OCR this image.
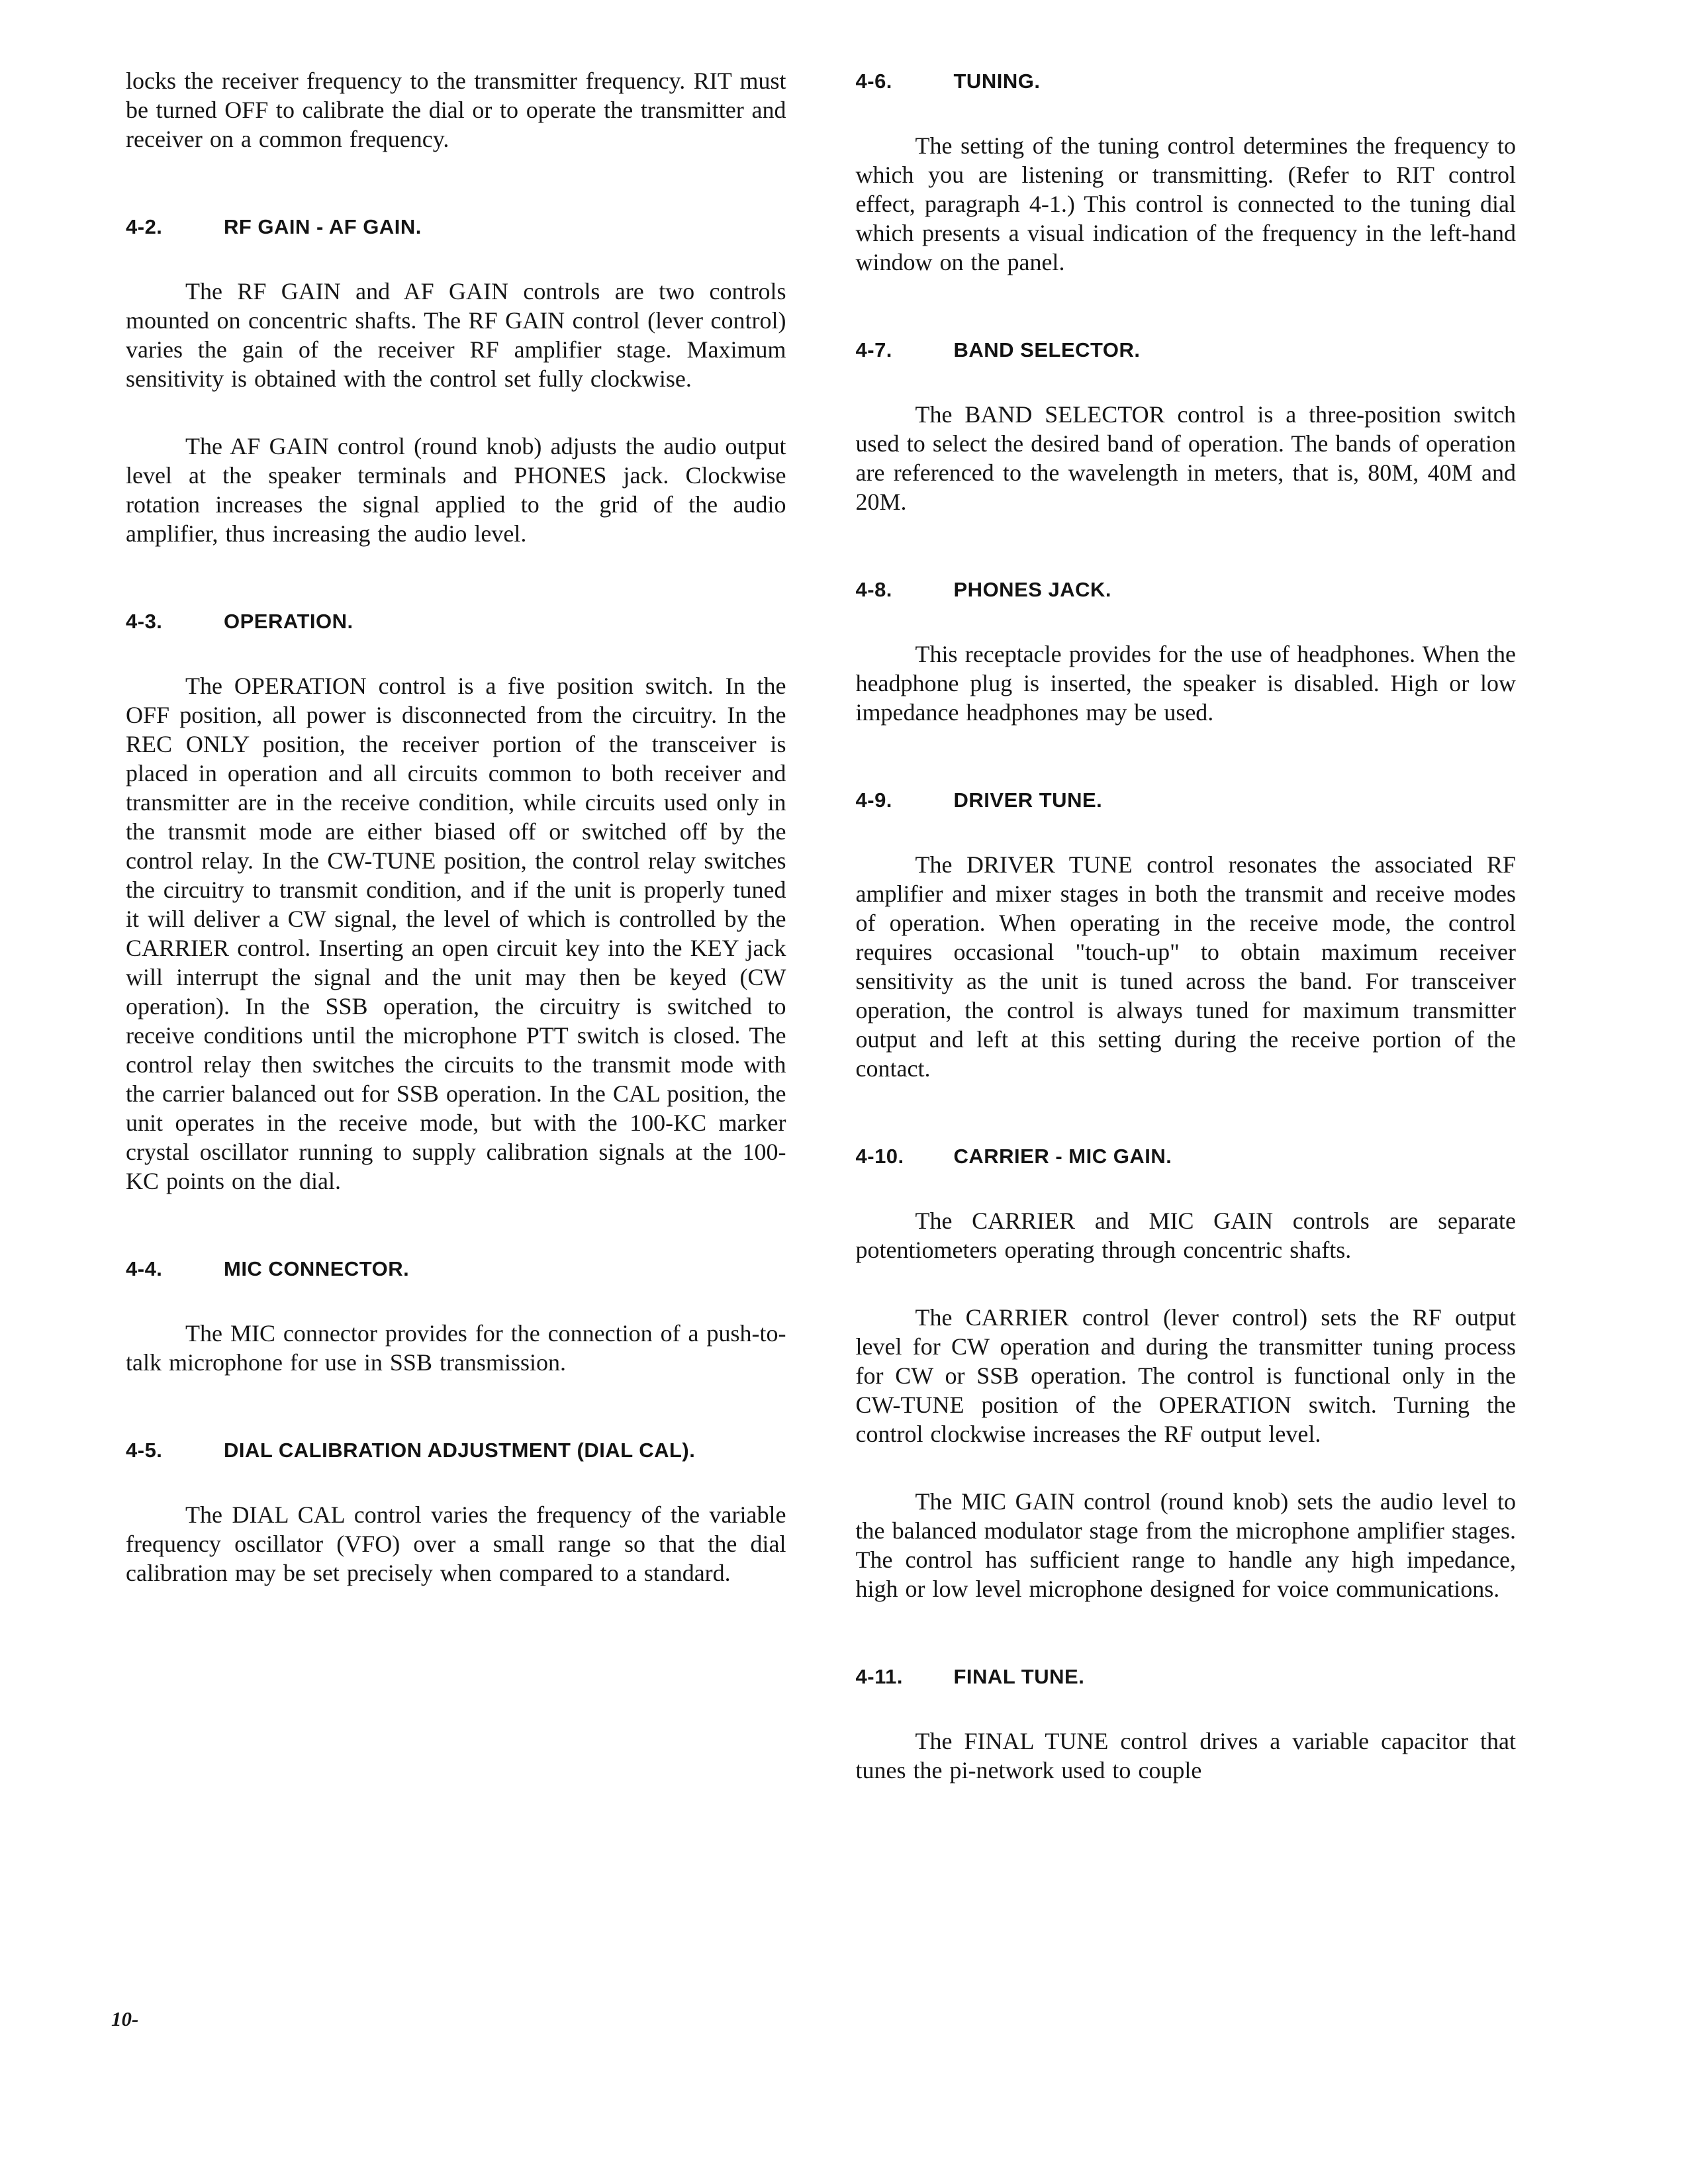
locks the receiver frequency to the transmitter frequency. RIT must be turned OFF to calibrate the dial or to operate the transmitter and receiver on a common frequency.

4-2.	RF GAIN - AF GAIN.

The RF GAIN and AF GAIN controls are two controls mounted on concentric shafts. The RF GAIN control (lever control) varies the gain of the receiver RF amplifier stage. Maximum sensitivity is obtained with the control set fully clockwise.

The AF GAIN control (round knob) adjusts the audio output level at the speaker terminals and PHONES jack. Clockwise rotation increases the signal applied to the grid of the audio amplifier, thus increasing the audio level.

4-3.	OPERATION.

The OPERATION control is a five position switch. In the OFF position, all power is disconnected from the circuitry. In the REC ONLY position, the receiver portion of the transceiver is placed in operation and all circuits common to both receiver and transmitter are in the receive condition, while circuits used only in the transmit mode are either biased off or switched off by the control relay. In the CW-TUNE position, the control relay switches the circuitry to transmit condition, and if the unit is properly tuned it will deliver a CW signal, the level of which is controlled by the CARRIER control. Inserting an open circuit key into the KEY jack will interrupt the signal and the unit may then be keyed (CW operation). In the SSB operation, the circuitry is switched to receive conditions until the microphone PTT switch is closed. The control relay then switches the circuits to the transmit mode with the carrier balanced out for SSB operation. In the CAL position, the unit operates in the receive mode, but with the 100-KC marker crystal oscillator running to supply calibration signals at the 100-KC points on the dial.

4-4.	MIC CONNECTOR.

The MIC connector provides for the connection of a push-to-talk microphone for use in SSB transmission.

4-5.	DIAL CALIBRATION ADJUSTMENT (DIAL CAL).

The DIAL CAL control varies the frequency of the variable frequency oscillator (VFO) over a small range so that the dial calibration may be set precisely when compared to a standard.

4-6.	TUNING.

The setting of the tuning control determines the frequency to which you are listening or transmitting. (Refer to RIT control effect, paragraph 4-1.) This control is connected to the tuning dial which presents a visual indication of the frequency in the left-hand window on the panel.

4-7.	BAND SELECTOR.

The BAND SELECTOR control is a three-position switch used to select the desired band of operation. The bands of operation are referenced to the wavelength in meters, that is, 80M, 40M and 20M.

4-8.	PHONES JACK.

This receptacle provides for the use of headphones. When the headphone plug is inserted, the speaker is disabled. High or low impedance headphones may be used.

4-9.	DRIVER TUNE.

The DRIVER TUNE control resonates the associated RF amplifier and mixer stages in both the transmit and receive modes of operation. When operating in the receive mode, the control requires occasional "touch-up" to obtain maximum receiver sensitivity as the unit is tuned across the band. For transceiver operation, the control is always tuned for maximum transmitter output and left at this setting during the receive portion of the contact.

4-10.	CARRIER - MIC GAIN.

The CARRIER and MIC GAIN controls are separate potentiometers operating through concentric shafts.

The CARRIER control (lever control) sets the RF output level for CW operation and during the transmitter tuning process for CW or SSB operation. The control is functional only in the CW-TUNE position of the OPERATION switch. Turning the control clockwise increases the RF output level.

The MIC GAIN control (round knob) sets the audio level to the balanced modulator stage from the microphone amplifier stages. The control has sufficient range to handle any high impedance, high or low level microphone designed for voice communications.

4-11.	FINAL TUNE.

The FINAL TUNE control drives a variable capacitor that tunes the pi-network used to couple

10-
